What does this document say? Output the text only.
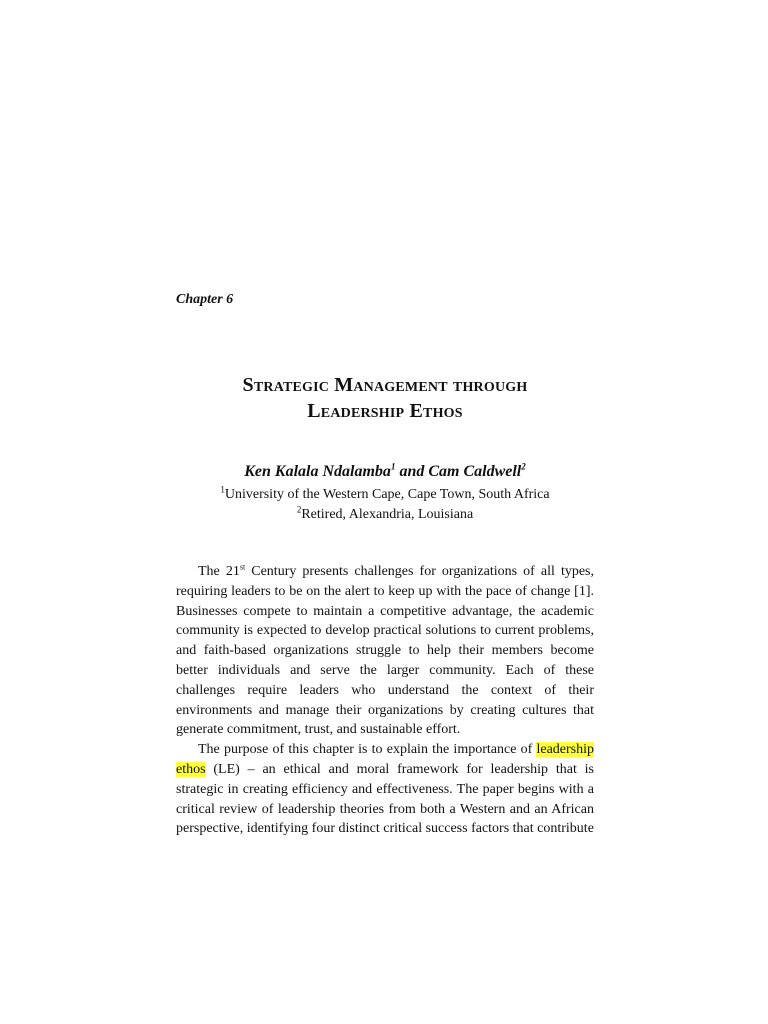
Chapter 6
Strategic Management through
Leadership Ethos
Ken Kalala Ndalamba$^1$ and Cam Caldwell$^2$
$^1$University of the Western Cape, Cape Town, South Africa
$^2$Retired, Alexandria, Louisiana

The 21st Century presents challenges for organizations of all types, requiring leaders to be on the alert to keep up with the pace of change [1]. Businesses compete to maintain a competitive advantage, the academic community is expected to develop practical solutions to current problems, and faith-based organizations struggle to help their members become better individuals and serve the larger community. Each of these challenges require leaders who understand the context of their environments and manage their organizations by creating cultures that generate commitment, trust, and sustainable effort.

The purpose of this chapter is to explain the importance of leadership ethos (LE) – an ethical and moral framework for leadership that is strategic in creating efficiency and effectiveness. The paper begins with a critical review of leadership theories from both a Western and an African perspective, identifying four distinct critical success factors that contribute
